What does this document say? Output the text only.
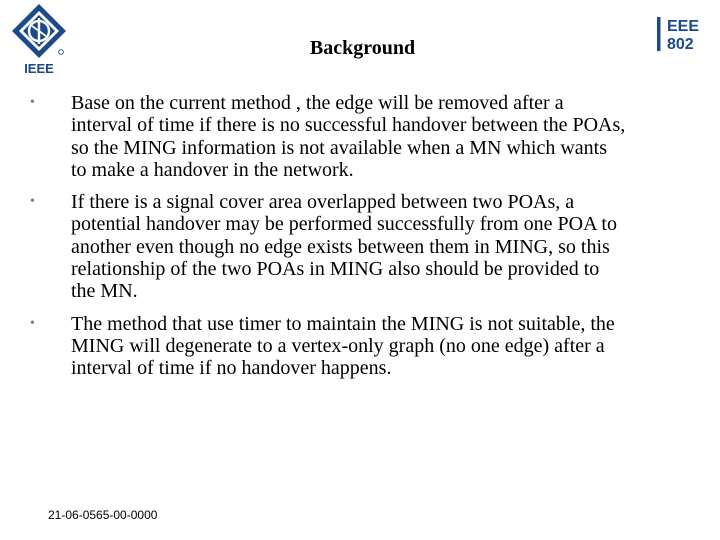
IEEE
Background
EEE
802
•	Base on the current method , the edge will be removed after a
interval of time if there is no successful handover between the POAs,
so the MING information is not available when a MN which wants
to make a handover in the network.
•	If there is a signal cover area overlapped between two POAs, a
potential handover may be performed successfully from one POA to
another even though no edge exists between them in MING, so this
relationship of the two POAs in MING also should be provided to
the MN.
•	The method that use timer to maintain the MING is not suitable, the
MING will degenerate to a vertex-only graph (no one edge) after a
interval of time if no handover happens.
21-06-0565-00-0000
